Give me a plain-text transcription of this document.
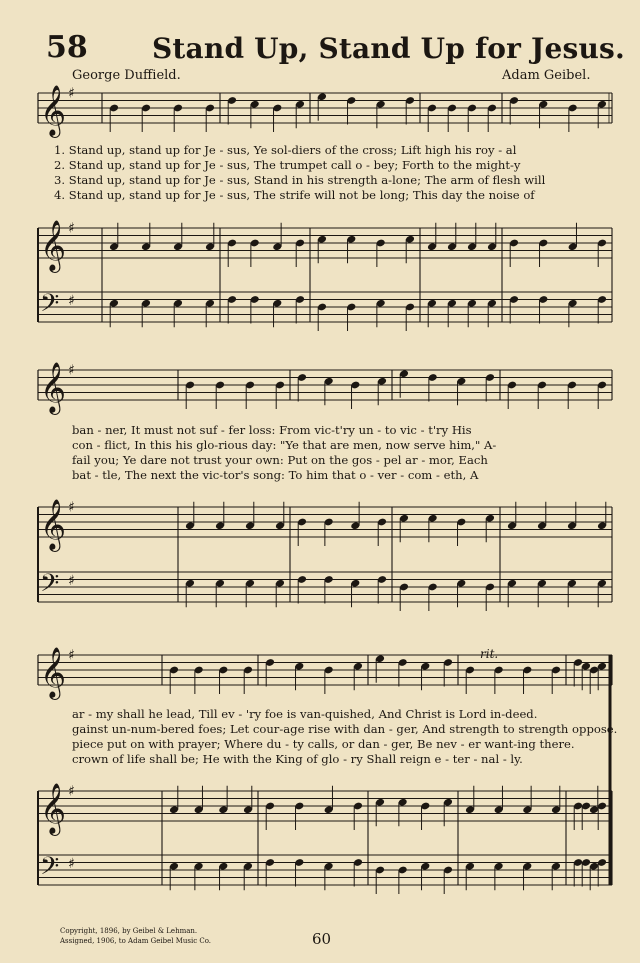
58 Stand Up, Stand Up for Jesus.
George Duffield.	Adam Geibel.
𝄞 ♯
𝄞 ♯
𝄢 ♯
𝄞 ♯
𝄞 ♯
𝄢 ♯
𝄞 ♯
𝄞 ♯
𝄢 ♯
1. Stand up, stand up for Je - sus, Ye sol-diers of the cross; Lift high his roy - al
2. Stand up, stand up for Je - sus, The trumpet call o - bey; Forth to the might-y
3. Stand up, stand up for Je - sus, Stand in his strength a-lone; The arm of flesh will
4. Stand up, stand up for Je - sus, The strife will not be long; This day the noise of
ban - ner, It must not suf - fer loss: From vic-t'ry un - to vic - t'ry His
con - flict, In this his glo-rious day: "Ye that are men, now serve him," A-
fail you; Ye dare not trust your own: Put on the gos - pel ar - mor, Each
bat - tle, The next the vic-tor's song: To him that o - ver - com - eth, A
rit.
ar - my shall he lead, Till ev - 'ry foe is van-quished, And Christ is Lord in-deed.
gainst un-num-bered foes; Let cour-age rise with dan - ger, And strength to strength oppose.
piece put on with prayer; Where du - ty calls, or dan - ger, Be nev - er want-ing there.
crown of life shall be; He with the King of glo - ry Shall reign e - ter - nal - ly.
Copyright, 1896, by Geibel & Lehman.
Assigned, 1906, to Adam Geibel Music Co.	60
